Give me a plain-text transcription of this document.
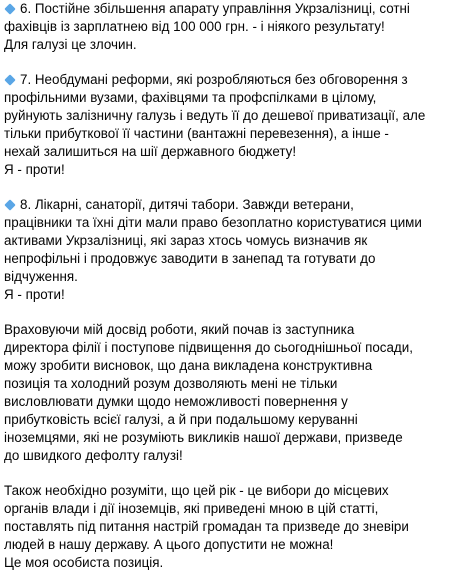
6. Постійне збільшення апарату управління Укрзалізниці, сотні
фахівців із зарплатнею від 100 000 грн. - і ніякого результату!
Для галузі це злочин.

7. Необдумані реформи, які розробляються без обговорення з
профільними вузами, фахівцями та профспілками в цілому,
руйнують залізничну галузь і ведуть її до дешевої приватизації, але
тільки прибуткової її частини (вантажні перевезення), а інше -
нехай залишиться на шії державного бюджету!
Я - проти!

8. Лікарні, санаторії, дитячі табори. Завжди ветерани,
працівники та їхні діти мали право безоплатно користуватися цими
активами Укрзалізниці, які зараз хтось чомусь визначив як
непрофільні і продовжує заводити в занепад та готувати до
відчуження.
Я - проти!

Враховуючи мій досвід роботи, який почав із заступника
директора філії і поступове підвищення до сьогоднішньої посади,
можу зробити висновок, що дана викладена конструктивна
позиція та холодний розум дозволяють мені не тільки
висловлювати думки щодо неможливості повернення у
прибутковість всієї галузі, а й при подальшому керуванні
іноземцями, які не розуміють викликів нашої держави, призведе
до швидкого дефолту галузі!

Також необхідно розуміти, що цей рік - це вибори до місцевих
органів влади і дії іноземців, які приведені мною в цій статті,
поставлять під питання настрій громадан та призведе до зневіри
людей в нашу державу. А цього допустити не можна!
Це моя особиста позиція.
